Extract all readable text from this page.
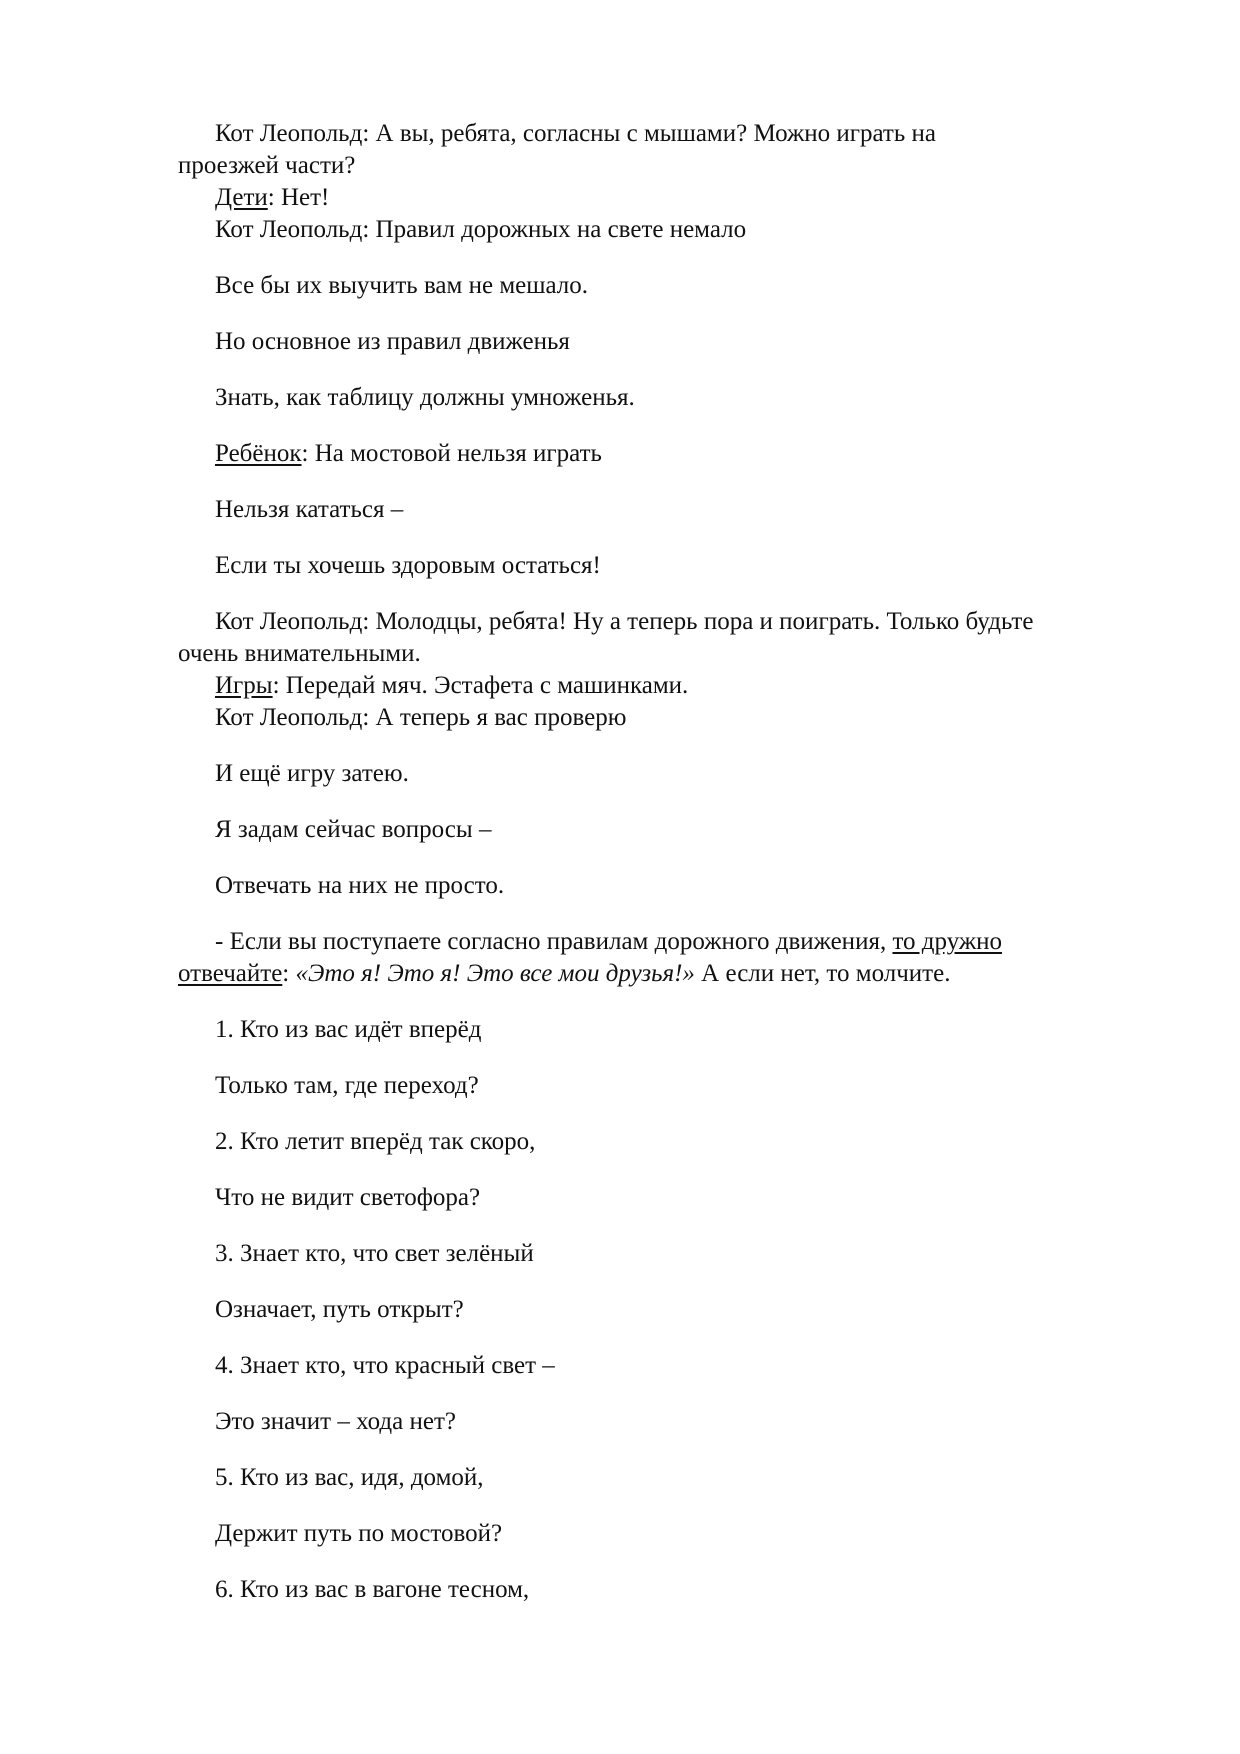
Кот Леопольд: А вы, ребята, согласны с мышами? Можно играть на

проезжей части?

Дети: Нет!

Кот Леопольд: Правил дорожных на свете немало

Все бы их выучить вам не мешало.

Но основное из правил движенья

Знать, как таблицу должны умноженья.

Ребёнок: На мостовой нельзя играть

Нельзя кататься –

Если ты хочешь здоровым остаться!

Кот Леопольд: Молодцы, ребята! Ну а теперь пора и поиграть. Только будьте

очень внимательными.

Игры: Передай мяч. Эстафета с машинками.

Кот Леопольд: А теперь я вас проверю

И ещё игру затею.

Я задам сейчас вопросы –

Отвечать на них не просто.

- Если вы поступаете согласно правилам дорожного движения, то дружно

отвечайте: «Это я! Это я! Это все мои друзья!» А если нет, то молчите.

1. Кто из вас идёт вперёд

Только там, где переход?

2. Кто летит вперёд так скоро,

Что не видит светофора?

3. Знает кто, что свет зелёный

Означает, путь открыт?

4. Знает кто, что красный свет –

Это значит – хода нет?

5. Кто из вас, идя, домой,

Держит путь по мостовой?

6. Кто из вас в вагоне тесном,
